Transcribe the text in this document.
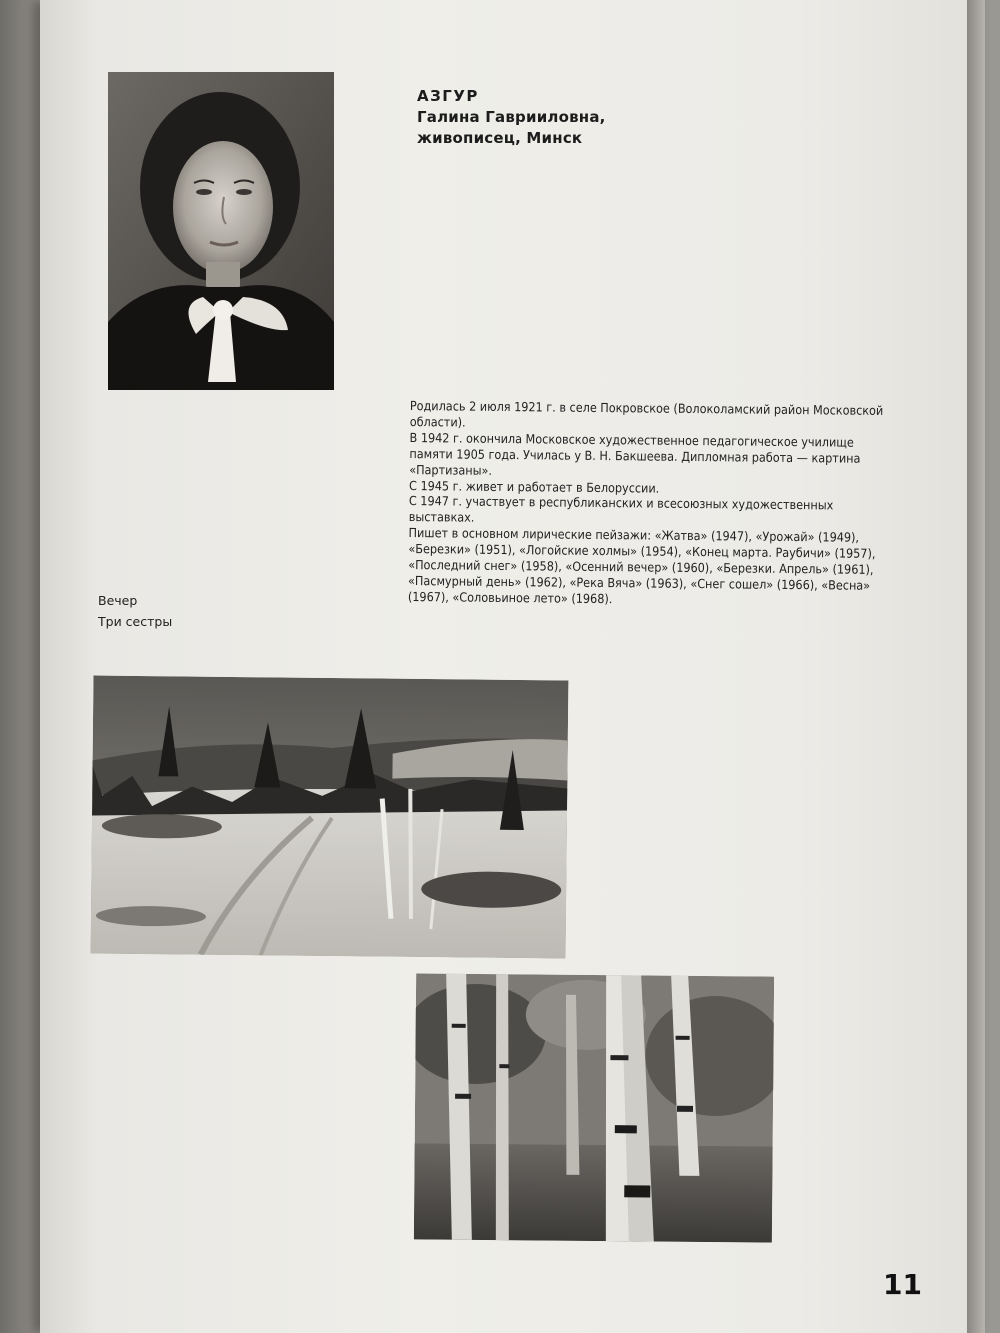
АЗГУР
Галина Гаврииловна,
живописец, Минск

Родилась 2 июля 1921 г. в селе Покровское (Волоколамский район Московской области).

В 1942 г. окончила Московское художественное педагогическое училище памяти 1905 года. Училась у В. Н. Бакшеева. Дипломная работа — картина «Партизаны».

С 1945 г. живет и работает в Белоруссии.

С 1947 г. участвует в республиканских и всесоюзных художественных выставках.

Пишет в основном лирические пейзажи: «Жатва» (1947), «Урожай» (1949), «Березки» (1951), «Логойские холмы» (1954), «Конец марта. Раубичи» (1957), «Последний снег» (1958), «Осенний вечер» (1960), «Березки. Апрель» (1961), «Пасмурный день» (1962), «Река Вяча» (1963), «Снег сошел» (1966), «Весна» (1967), «Соловьиное лето» (1968).

Вечер
Три сестры
11
